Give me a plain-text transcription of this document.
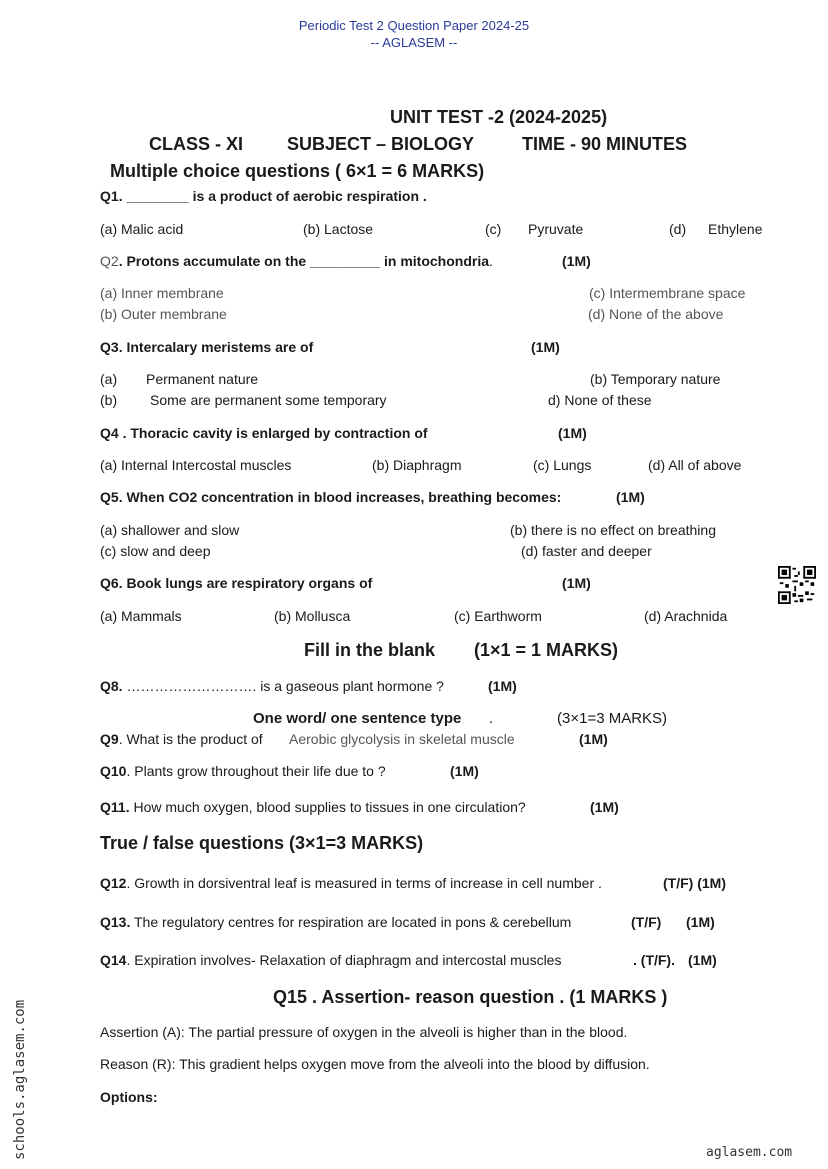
Periodic Test 2 Question Paper 2024-25
-- AGLASEM --
UNIT TEST -2 (2024-2025)
CLASS - XI SUBJECT – BIOLOGY	TIME - 90 MINUTES
Multiple choice questions ( 6×1 = 6 MARKS)
Q1. ________ is a product of aerobic respiration .
(a) Malic acid	(b) Lactose	(c) Pyruvate	(d) Ethylene
Q2. Protons accumulate on the _________ in mitochondria.	(1M)
(a) Inner membrane	(c) Intermembrane space
(b) Outer membrane	(d) None of the above
Q3. Intercalary meristems are of	(1M)
(a) Permanent nature	(b) Temporary nature
(b) Some are permanent some temporary	d) None of these
Q4 . Thoracic cavity is enlarged by contraction of	(1M)
(a) Internal Intercostal muscles	(b) Diaphragm	(c) Lungs	(d) All of above
Q5. When CO2 concentration in blood increases, breathing becomes:	(1M)
(a) shallower and slow	(b) there is no effect on breathing
(c) slow and deep	(d) faster and deeper
Q6. Book lungs are respiratory organs of	(1M)
(a) Mammals	(b) Mollusca	(c) Earthworm	(d) Arachnida
Fill in the blank (1×1 = 1 MARKS)
Q8. ………………………. is a gaseous plant hormone ?	(1M)
One word/ one sentence type .	(3×1=3 MARKS)
Q9. What is the product of Aerobic glycolysis in skeletal muscle	(1M)
Q10. Plants grow throughout their life due to ?	(1M)
Q11. How much oxygen, blood supplies to tissues in one circulation?	(1M)
True / false questions (3×1=3 MARKS)
Q12. Growth in dorsiventral leaf is measured in terms of increase in cell number .	(T/F) (1M)
Q13. The regulatory centres for respiration are located in pons & cerebellum	(T/F) (1M)
Q14. Expiration involves- Relaxation of diaphragm and intercostal muscles	. (T/F). (1M)
Q15 . Assertion- reason question . (1 MARKS )
Assertion (A): The partial pressure of oxygen in the alveoli is higher than in the blood.
Reason (R): This gradient helps oxygen move from the alveoli into the blood by diffusion.
Options:
schools.aglasem.com	aglasem.com
